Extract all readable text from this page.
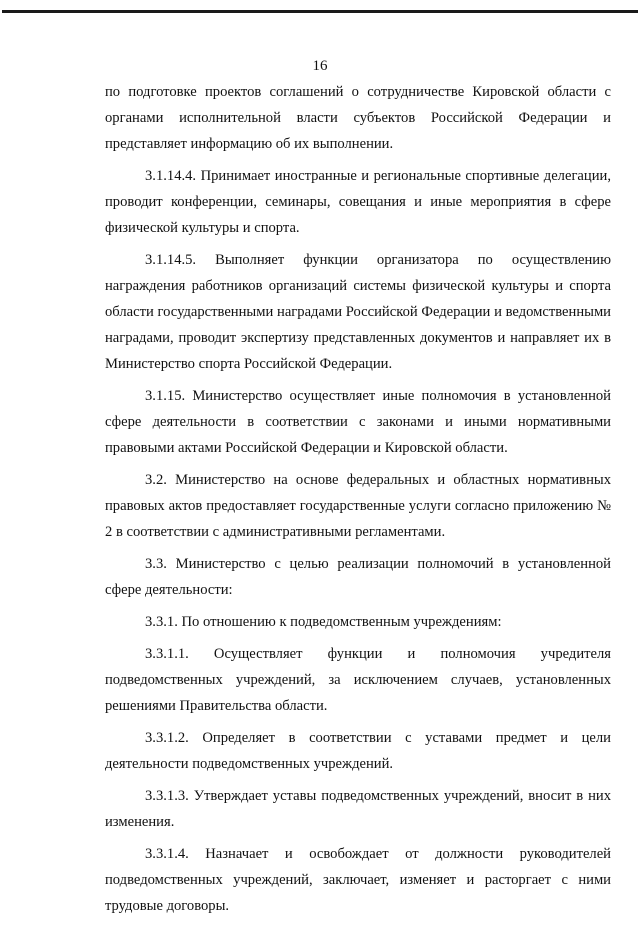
16

по подготовке проектов соглашений о сотрудничестве Кировской области с органами исполнительной власти субъектов Российской Федерации и представляет информацию об их выполнении.

3.1.14.4. Принимает иностранные и региональные спортивные делегации, проводит конференции, семинары, совещания и иные мероприятия в сфере физической культуры и спорта.

3.1.14.5. Выполняет функции организатора по осуществлению награждения работников организаций системы физической культуры и спорта области государственными наградами Российской Федерации и ведомственными наградами, проводит экспертизу представленных документов и направляет их в Министерство спорта Российской Федерации.

3.1.15. Министерство осуществляет иные полномочия в установленной сфере деятельности в соответствии с законами и иными нормативными правовыми актами Российской Федерации и Кировской области.

3.2. Министерство на основе федеральных и областных нормативных правовых актов предоставляет государственные услуги согласно приложению № 2 в соответствии с административными регламентами.

3.3. Министерство с целью реализации полномочий в установленной сфере деятельности:

3.3.1. По отношению к подведомственным учреждениям:

3.3.1.1. Осуществляет функции и полномочия учредителя подведомственных учреждений, за исключением случаев, установленных решениями Правительства области.

3.3.1.2. Определяет в соответствии с уставами предмет и цели деятельности подведомственных учреждений.

3.3.1.3. Утверждает уставы подведомственных учреждений, вносит в них изменения.

3.3.1.4. Назначает и освобождает от должности руководителей подведомственных учреждений, заключает, изменяет и расторгает с ними трудовые договоры.
